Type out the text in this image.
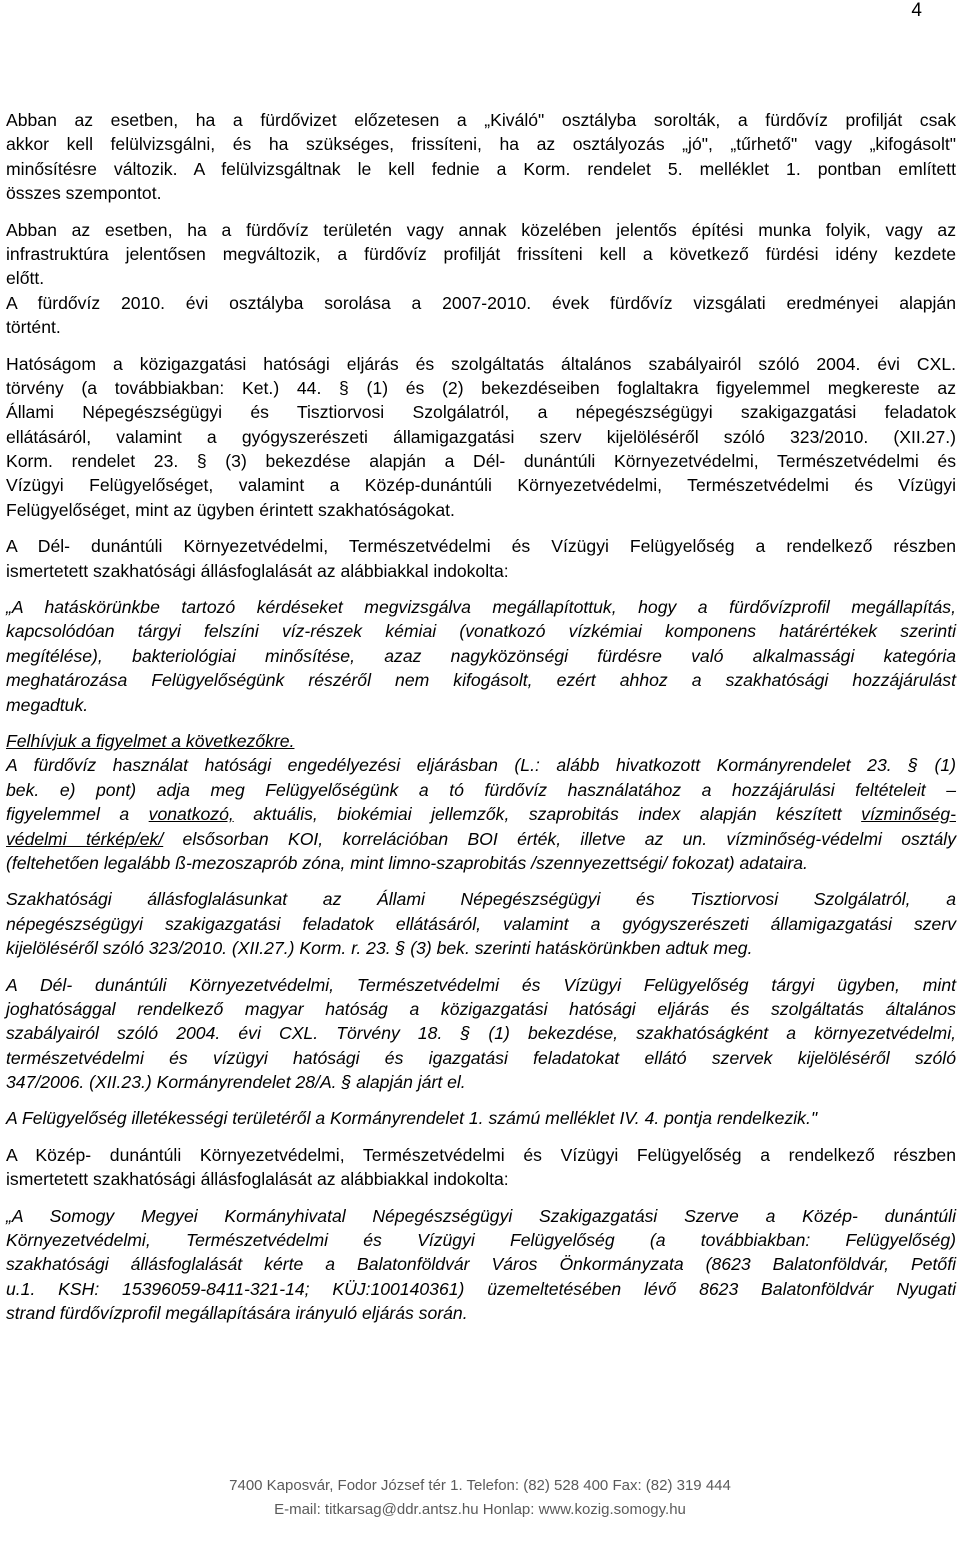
4
Abban az esetben, ha a fürdővizet előzetesen a „Kiváló" osztályba sorolták, a fürdővíz profilját csak
akkor kell felülvizsgálni, és ha szükséges, frissíteni, ha az osztályozás „jó", „tűrhető" vagy „kifogásolt"
minősítésre változik. A felülvizsgáltnak le kell fednie a Korm. rendelet 5. melléklet 1. pontban említett
összes szempontot.
Abban az esetben, ha a fürdővíz területén vagy annak közelében jelentős építési munka folyik, vagy az
infrastruktúra jelentősen megváltozik, a fürdővíz profilját frissíteni kell a következő fürdési idény kezdete
előtt.
A fürdővíz 2010. évi osztályba sorolása a 2007-2010. évek fürdővíz vizsgálati eredményei alapján
történt.
Hatóságom a közigazgatási hatósági eljárás és szolgáltatás általános szabályairól szóló 2004. évi CXL.
törvény (a továbbiakban: Ket.) 44. § (1) és (2) bekezdéseiben foglaltakra figyelemmel megkereste az
Állami Népegészségügyi és Tisztiorvosi Szolgálatról, a népegészségügyi szakigazgatási feladatok
ellátásáról, valamint a gyógyszerészeti államigazgatási szerv kijelöléséről szóló 323/2010. (XII.27.)
Korm. rendelet 23. § (3) bekezdése alapján a Dél- dunántúli Környezetvédelmi, Természetvédelmi és
Vízügyi Felügyelőséget, valamint a Közép-dunántúli Környezetvédelmi, Természetvédelmi és Vízügyi
Felügyelőséget, mint az ügyben érintett szakhatóságokat.
A Dél- dunántúli Környezetvédelmi, Természetvédelmi és Vízügyi Felügyelőség a rendelkező részben
ismertetett szakhatósági állásfoglalását az alábbiakkal indokolta:
„A hatáskörünkbe tartozó kérdéseket megvizsgálva megállapítottuk, hogy a fürdővízprofil megállapítás,
kapcsolódóan tárgyi felszíni víz-részek kémiai (vonatkozó vízkémiai komponens határértékek szerinti
megítélése), bakteriológiai minősítése, azaz nagyközönségi fürdésre való alkalmassági kategória
meghatározása Felügyelőségünk részéről nem kifogásolt, ezért ahhoz a szakhatósági hozzájárulást
megadtuk.
Felhívjuk a figyelmet a következőkre.
A fürdővíz használat hatósági engedélyezési eljárásban (L.: alább hivatkozott Kormányrendelet 23. § (1)
bek. e) pont) adja meg Felügyelőségünk a tó fürdővíz használatához a hozzájárulási feltételeit –
figyelemmel a vonatkozó, aktuális, biokémiai jellemzők, szaprobitás index alapján készített vízminőség-
védelmi térkép/ek/ elsősorban KOI, korrelációban BOI érték, illetve az un. vízminőség-védelmi osztály
(feltehetően legalább ß-mezoszaprób zóna, mint limno-szaprobitás /szennyezettségi/ fokozat) adataira.
Szakhatósági állásfoglalásunkat az Állami Népegészségügyi és Tisztiorvosi Szolgálatról, a
népegészségügyi szakigazgatási feladatok ellátásáról, valamint a gyógyszerészeti államigazgatási szerv
kijelöléséről szóló 323/2010. (XII.27.) Korm. r. 23. § (3) bek. szerinti hatáskörünkben adtuk meg.
A Dél- dunántúli Környezetvédelmi, Természetvédelmi és Vízügyi Felügyelőség tárgyi ügyben, mint
joghatósággal rendelkező magyar hatóság a közigazgatási hatósági eljárás és szolgáltatás általános
szabályairól szóló 2004. évi CXL. Törvény 18. § (1) bekezdése, szakhatóságként a környezetvédelmi,
természetvédelmi és vízügyi hatósági és igazgatási feladatokat ellátó szervek kijelöléséről szóló
347/2006. (XII.23.) Kormányrendelet 28/A. § alapján járt el.
A Felügyelőség illetékességi területéről a Kormányrendelet 1. számú melléklet IV. 4. pontja rendelkezik."
A Közép- dunántúli Környezetvédelmi, Természetvédelmi és Vízügyi Felügyelőség a rendelkező részben
ismertetett szakhatósági állásfoglalását az alábbiakkal indokolta:
„A Somogy Megyei Kormányhivatal Népegészségügyi Szakigazgatási Szerve a Közép- dunántúli
Környezetvédelmi, Természetvédelmi és Vízügyi Felügyelőség (a továbbiakban: Felügyelőség)
szakhatósági állásfoglalását kérte a Balatonföldvár Város Önkormányzata (8623 Balatonföldvár, Petőfi
u.1. KSH: 15396059-8411-321-14; KÜJ:100140361) üzemeltetésében lévő 8623 Balatonföldvár Nyugati
strand fürdővízprofil megállapítására irányuló eljárás során.
7400 Kaposvár, Fodor József tér 1. Telefon: (82) 528 400 Fax: (82) 319 444
E-mail: titkarsag@ddr.antsz.hu Honlap: www.kozig.somogy.hu
